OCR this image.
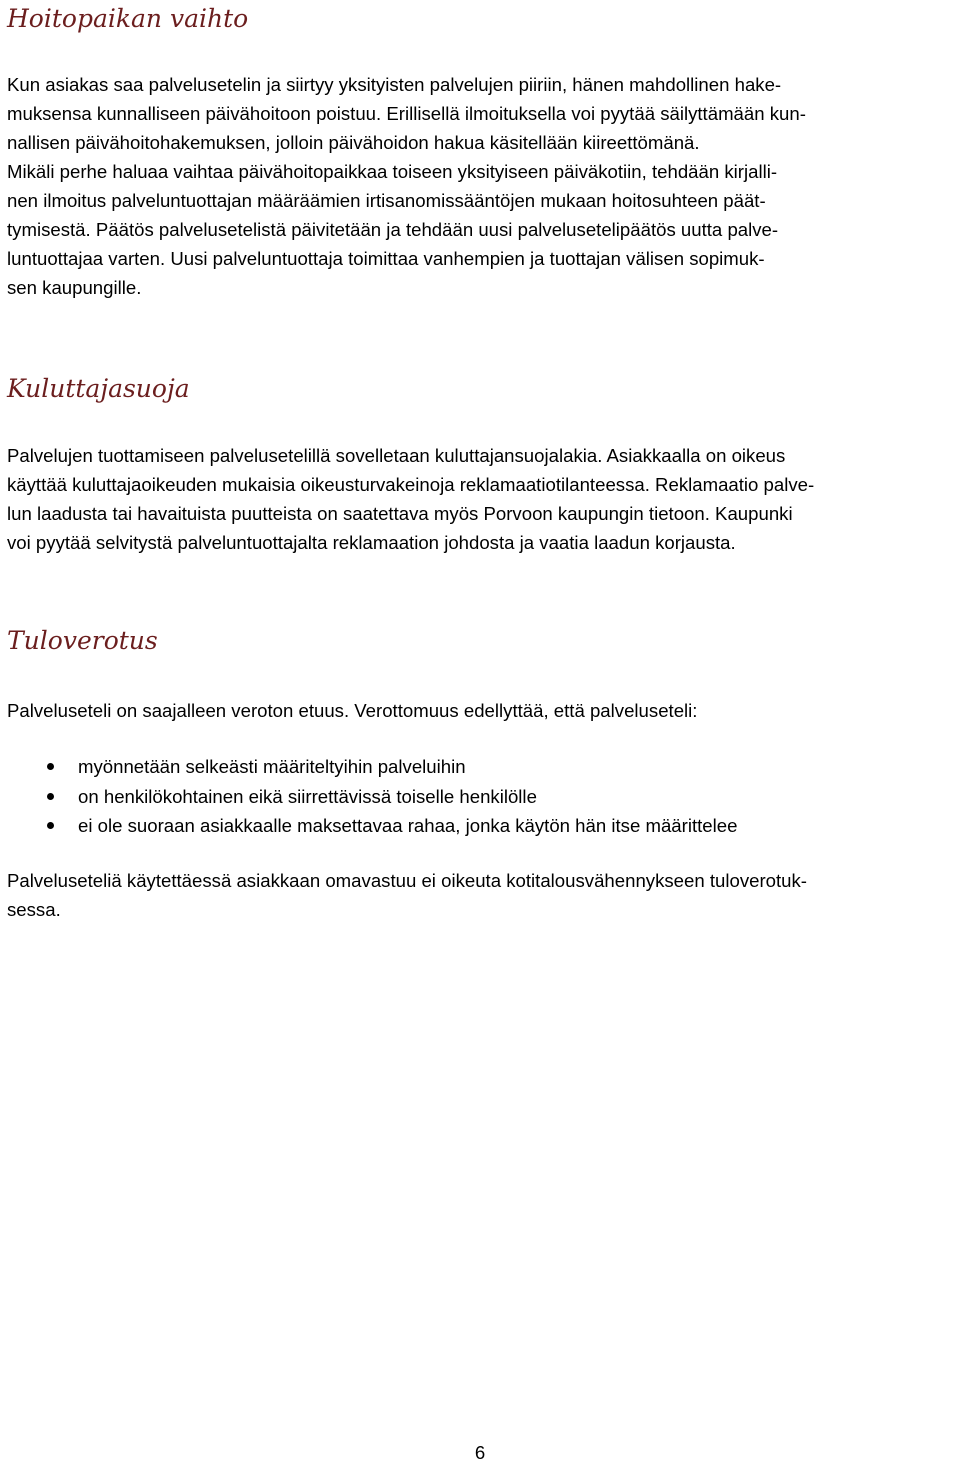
Hoitopaikan vaihto

Kun asiakas saa palvelusetelin ja siirtyy yksityisten palvelujen piiriin, hänen mahdollinen hake-
muksensa kunnalliseen päivähoitoon poistuu. Erillisellä ilmoituksella voi pyytää säilyttämään kun-
nallisen päivähoitohakemuksen, jolloin päivähoidon hakua käsitellään kiireettömänä.
Mikäli perhe haluaa vaihtaa päivähoitopaikkaa toiseen yksityiseen päiväkotiin, tehdään kirjalli-
nen ilmoitus palveluntuottajan määräämien irtisanomissääntöjen mukaan hoitosuhteen päät-
tymisestä. Päätös palvelusetelistä päivitetään ja tehdään uusi palvelusetelipäätös uutta palve-
luntuottajaa varten. Uusi palveluntuottaja toimittaa vanhempien ja tuottajan välisen sopimuk-
sen kaupungille.

Kuluttajasuoja

Palvelujen tuottamiseen palvelusetelillä sovelletaan kuluttajansuojalakia. Asiakkaalla on oikeus
käyttää kuluttajaoikeuden mukaisia oikeusturvakeinoja reklamaatiotilanteessa. Reklamaatio palve-
lun laadusta tai havaituista puutteista on saatettava myös Porvoon kaupungin tietoon. Kaupunki
voi pyytää selvitystä palveluntuottajalta reklamaation johdosta ja vaatia laadun korjausta.

Tuloverotus

Palveluseteli on saajalleen veroton etuus. Verottomuus edellyttää, että palveluseteli:

myönnetään selkeästi määriteltyihin palveluihin
on henkilökohtainen eikä siirrettävissä toiselle henkilölle
ei ole suoraan asiakkaalle maksettavaa rahaa, jonka käytön hän itse määrittelee

Palveluseteliä käytettäessä asiakkaan omavastuu ei oikeuta kotitalousvähennykseen tuloverotuk-
sessa.

6
